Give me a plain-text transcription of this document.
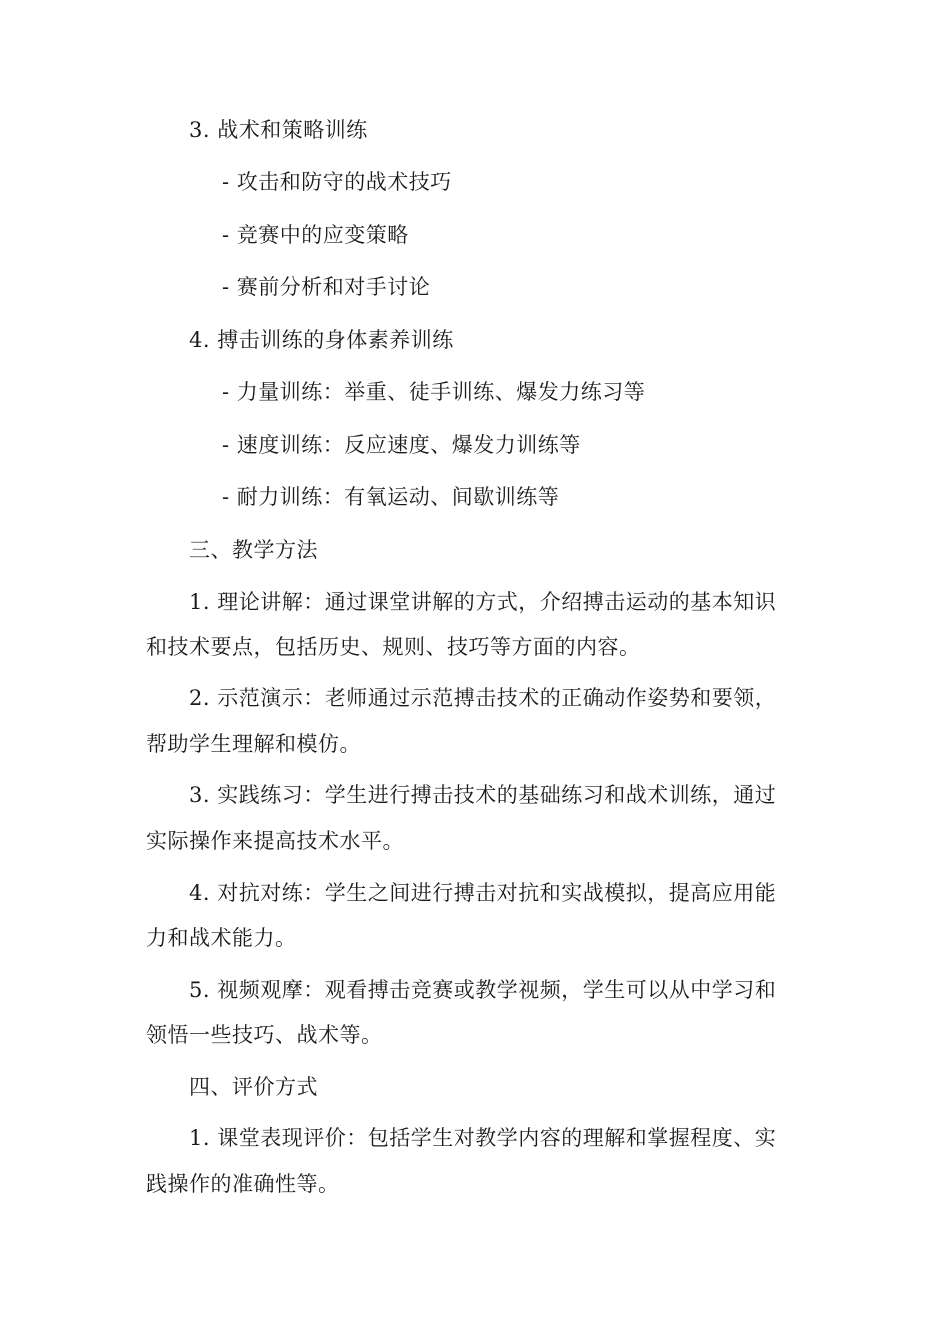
3. 战术和策略训练
- 攻击和防守的战术技巧
- 竞赛中的应变策略
- 赛前分析和对手讨论
4. 搏击训练的身体素养训练
- 力量训练：举重、徒手训练、爆发力练习等
- 速度训练：反应速度、爆发力训练等
- 耐力训练：有氧运动、间歇训练等
三、教学方法
1. 理论讲解：通过课堂讲解的方式，介绍搏击运动的基本知识
和技术要点，包括历史、规则、技巧等方面的内容。
2. 示范演示：老师通过示范搏击技术的正确动作姿势和要领，
帮助学生理解和模仿。
3. 实践练习：学生进行搏击技术的基础练习和战术训练，通过
实际操作来提高技术水平。
4. 对抗对练：学生之间进行搏击对抗和实战模拟，提高应用能
力和战术能力。
5. 视频观摩：观看搏击竞赛或教学视频，学生可以从中学习和
领悟一些技巧、战术等。
四、评价方式
1. 课堂表现评价：包括学生对教学内容的理解和掌握程度、实
践操作的准确性等。
